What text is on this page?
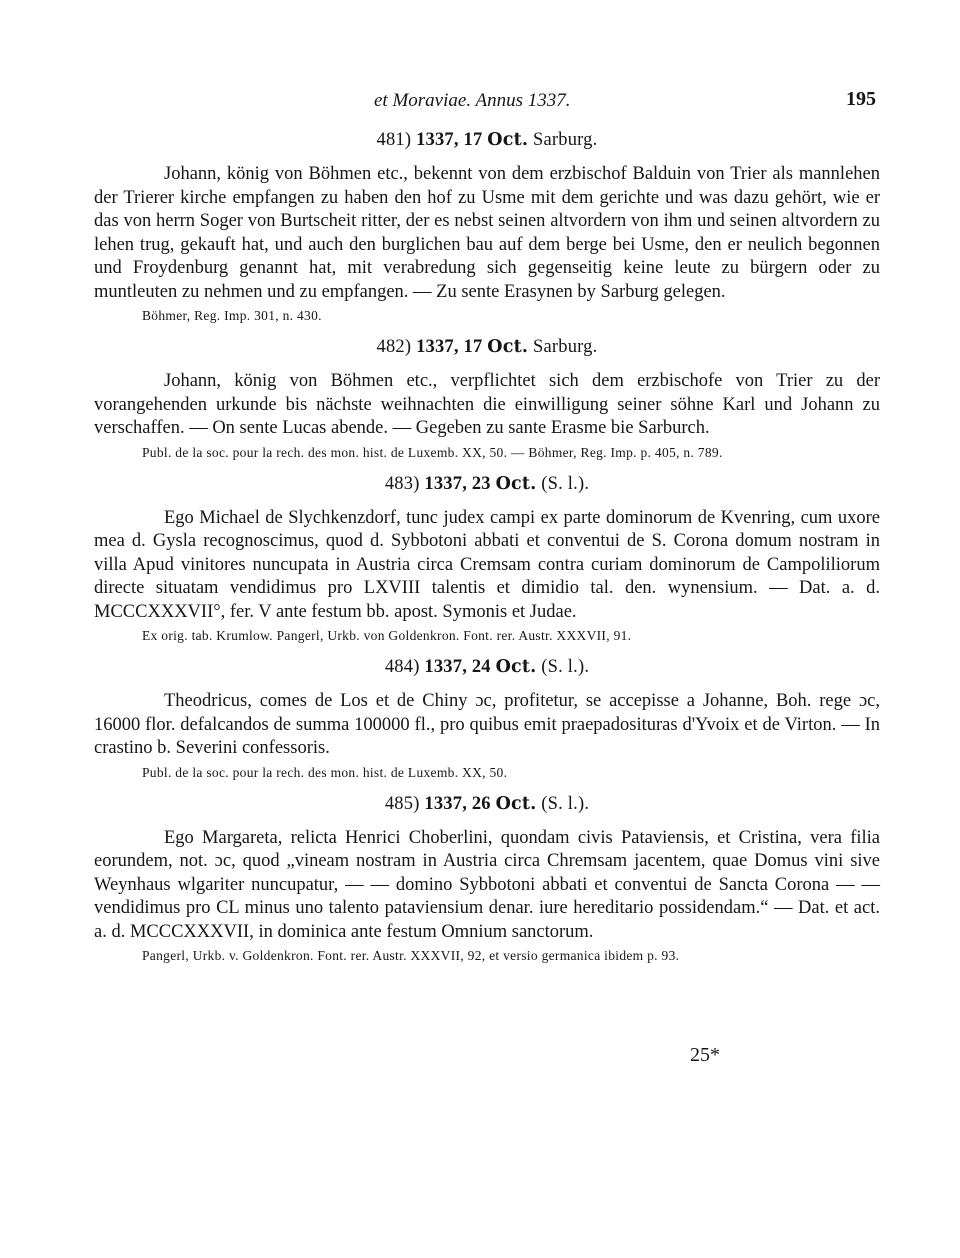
et Moraviae. Annus 1337.	195
481) 1337, 17 Oct. Sarburg.

Johann, könig von Böhmen etc., bekennt von dem erzbischof Balduin von Trier als mannlehen der Trierer kirche empfangen zu haben den hof zu Usme mit dem gerichte und was dazu gehört, wie er das von herrn Soger von Burtscheit ritter, der es nebst seinen altvordern von ihm und seinen altvordern zu lehen trug, gekauft hat, und auch den burglichen bau auf dem berge bei Usme, den er neulich begonnen und Froydenburg genannt hat, mit verabredung sich gegenseitig keine leute zu bürgern oder zu muntleuten zu nehmen und zu empfangen. — Zu sente Erasynen by Sarburg gelegen.

Böhmer, Reg. Imp. 301, n. 430.
482) 1337, 17 Oct. Sarburg.

Johann, könig von Böhmen etc., verpflichtet sich dem erzbischofe von Trier zu der vorangehenden urkunde bis nächste weihnachten die einwilligung seiner söhne Karl und Johann zu verschaffen. — On sente Lucas abende. — Gegeben zu sante Erasme bie Sarburch.

Publ. de la soc. pour la rech. des mon. hist. de Luxemb. XX, 50. — Böhmer, Reg. Imp. p. 405, n. 789.
483) 1337, 23 Oct. (S. l.).

Ego Michael de Slychkenzdorf, tunc judex campi ex parte dominorum de Kvenring, cum uxore mea d. Gysla recognoscimus, quod d. Sybbotoni abbati et conventui de S. Corona domum nostram in villa Apud vinitores nuncupata in Austria circa Cremsam contra curiam dominorum de Campoliliorum directe situatam vendidimus pro LXVIII talentis et dimidio tal. den. wynensium. — Dat. a. d. MCCCXXXVII°, fer. V ante festum bb. apost. Symonis et Judae.

Ex orig. tab. Krumlow. Pangerl, Urkb. von Goldenkron. Font. rer. Austr. XXXVII, 91.
484) 1337, 24 Oct. (S. l.).

Theodricus, comes de Los et de Chiny ɔc, profitetur, se accepisse a Johanne, Boh. rege ɔc, 16000 flor. defalcandos de summa 100000 fl., pro quibus emit praepadosituras d'Yvoix et de Virton. — In crastino b. Severini confessoris.

Publ. de la soc. pour la rech. des mon. hist. de Luxemb. XX, 50.
485) 1337, 26 Oct. (S. l.).

Ego Margareta, relicta Henrici Choberlini, quondam civis Pataviensis, et Cristina, vera filia eorundem, not. ɔc, quod „vineam nostram in Austria circa Chremsam jacentem, quae Domus vini sive Weynhaus wlgariter nuncupatur, — — domino Sybbotoni abbati et conventui de Sancta Corona — — vendidimus pro CL minus uno talento pataviensium denar. iure hereditario possidendam.“ — Dat. et act. a. d. MCCCXXXVII, in dominica ante festum Omnium sanctorum.

Pangerl, Urkb. v. Goldenkron. Font. rer. Austr. XXXVII, 92, et versio germanica ibidem p. 93.
25*
